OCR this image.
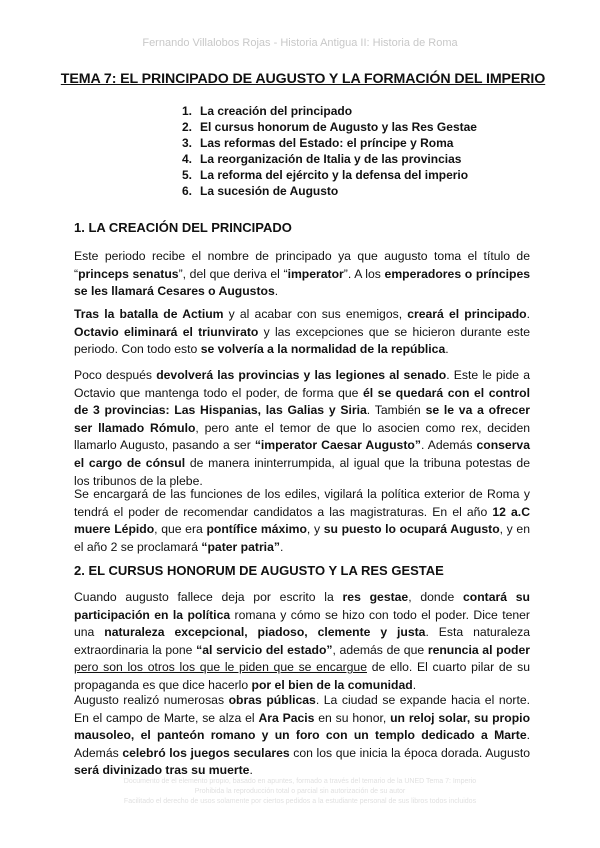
Fernando Villalobos Rojas - Historia Antigua II: Historia de Roma
TEMA 7: EL PRINCIPADO DE AUGUSTO Y LA FORMACIÓN DEL IMPERIO
1. La creación del principado
2. El cursus honorum de Augusto y las Res Gestae
3. Las reformas del Estado: el príncipe y Roma
4. La reorganización de Italia y de las provincias
5. La reforma del ejército y la defensa del imperio
6. La sucesión de Augusto
1. LA CREACIÓN DEL PRINCIPADO

Este periodo recibe el nombre de principado ya que augusto toma el título de “princeps senatus”, del que deriva el “imperator”. A los emperadores o príncipes se les llamará Cesares o Augustos.

Tras la batalla de Actium y al acabar con sus enemigos, creará el principado. Octavio eliminará el triunvirato y las excepciones que se hicieron durante este periodo. Con todo esto se volvería a la normalidad de la república.

Poco después devolverá las provincias y las legiones al senado. Este le pide a Octavio que mantenga todo el poder, de forma que él se quedará con el control de 3 provincias: Las Hispanias, las Galias y Siria. También se le va a ofrecer ser llamado Rómulo, pero ante el temor de que lo asocien como rex, deciden llamarlo Augusto, pasando a ser “imperator Caesar Augusto”. Además conserva el cargo de cónsul de manera ininterrumpida, al igual que la tribuna potestas de los tribunos de la plebe.

Se encargará de las funciones de los ediles, vigilará la política exterior de Roma y tendrá el poder de recomendar candidatos a las magistraturas. En el año 12 a.C muere Lépido, que era pontífice máximo, y su puesto lo ocupará Augusto, y en el año 2 se proclamará “pater patria”.

2. EL CURSUS HONORUM DE AUGUSTO Y LA RES GESTAE

Cuando augusto fallece deja por escrito la res gestae, donde contará su participación en la política romana y cómo se hizo con todo el poder. Dice tener una naturaleza excepcional, piadoso, clemente y justa. Esta naturaleza extraordinaria la pone “al servicio del estado”, además de que renuncia al poder pero son los otros los que le piden que se encargue de ello. El cuarto pilar de su propaganda es que dice hacerlo por el bien de la comunidad.

Augusto realizó numerosas obras públicas. La ciudad se expande hacia el norte. En el campo de Marte, se alza el Ara Pacis en su honor, un reloj solar, su propio mausoleo, el panteón romano y un foro con un templo dedicado a Marte. Además celebró los juegos seculares con los que inicia la época dorada. Augusto será divinizado tras su muerte.

Documento de el elemento propio, basado en apuntes, formado a través del temario de la UNED Tema 7: Imperio
Prohibida la reproducción total o parcial sin autorización de su autor
Facilitado el derecho de usos solamente por ciertos pedidos a la estudiante personal de sus libros todos incluidos
